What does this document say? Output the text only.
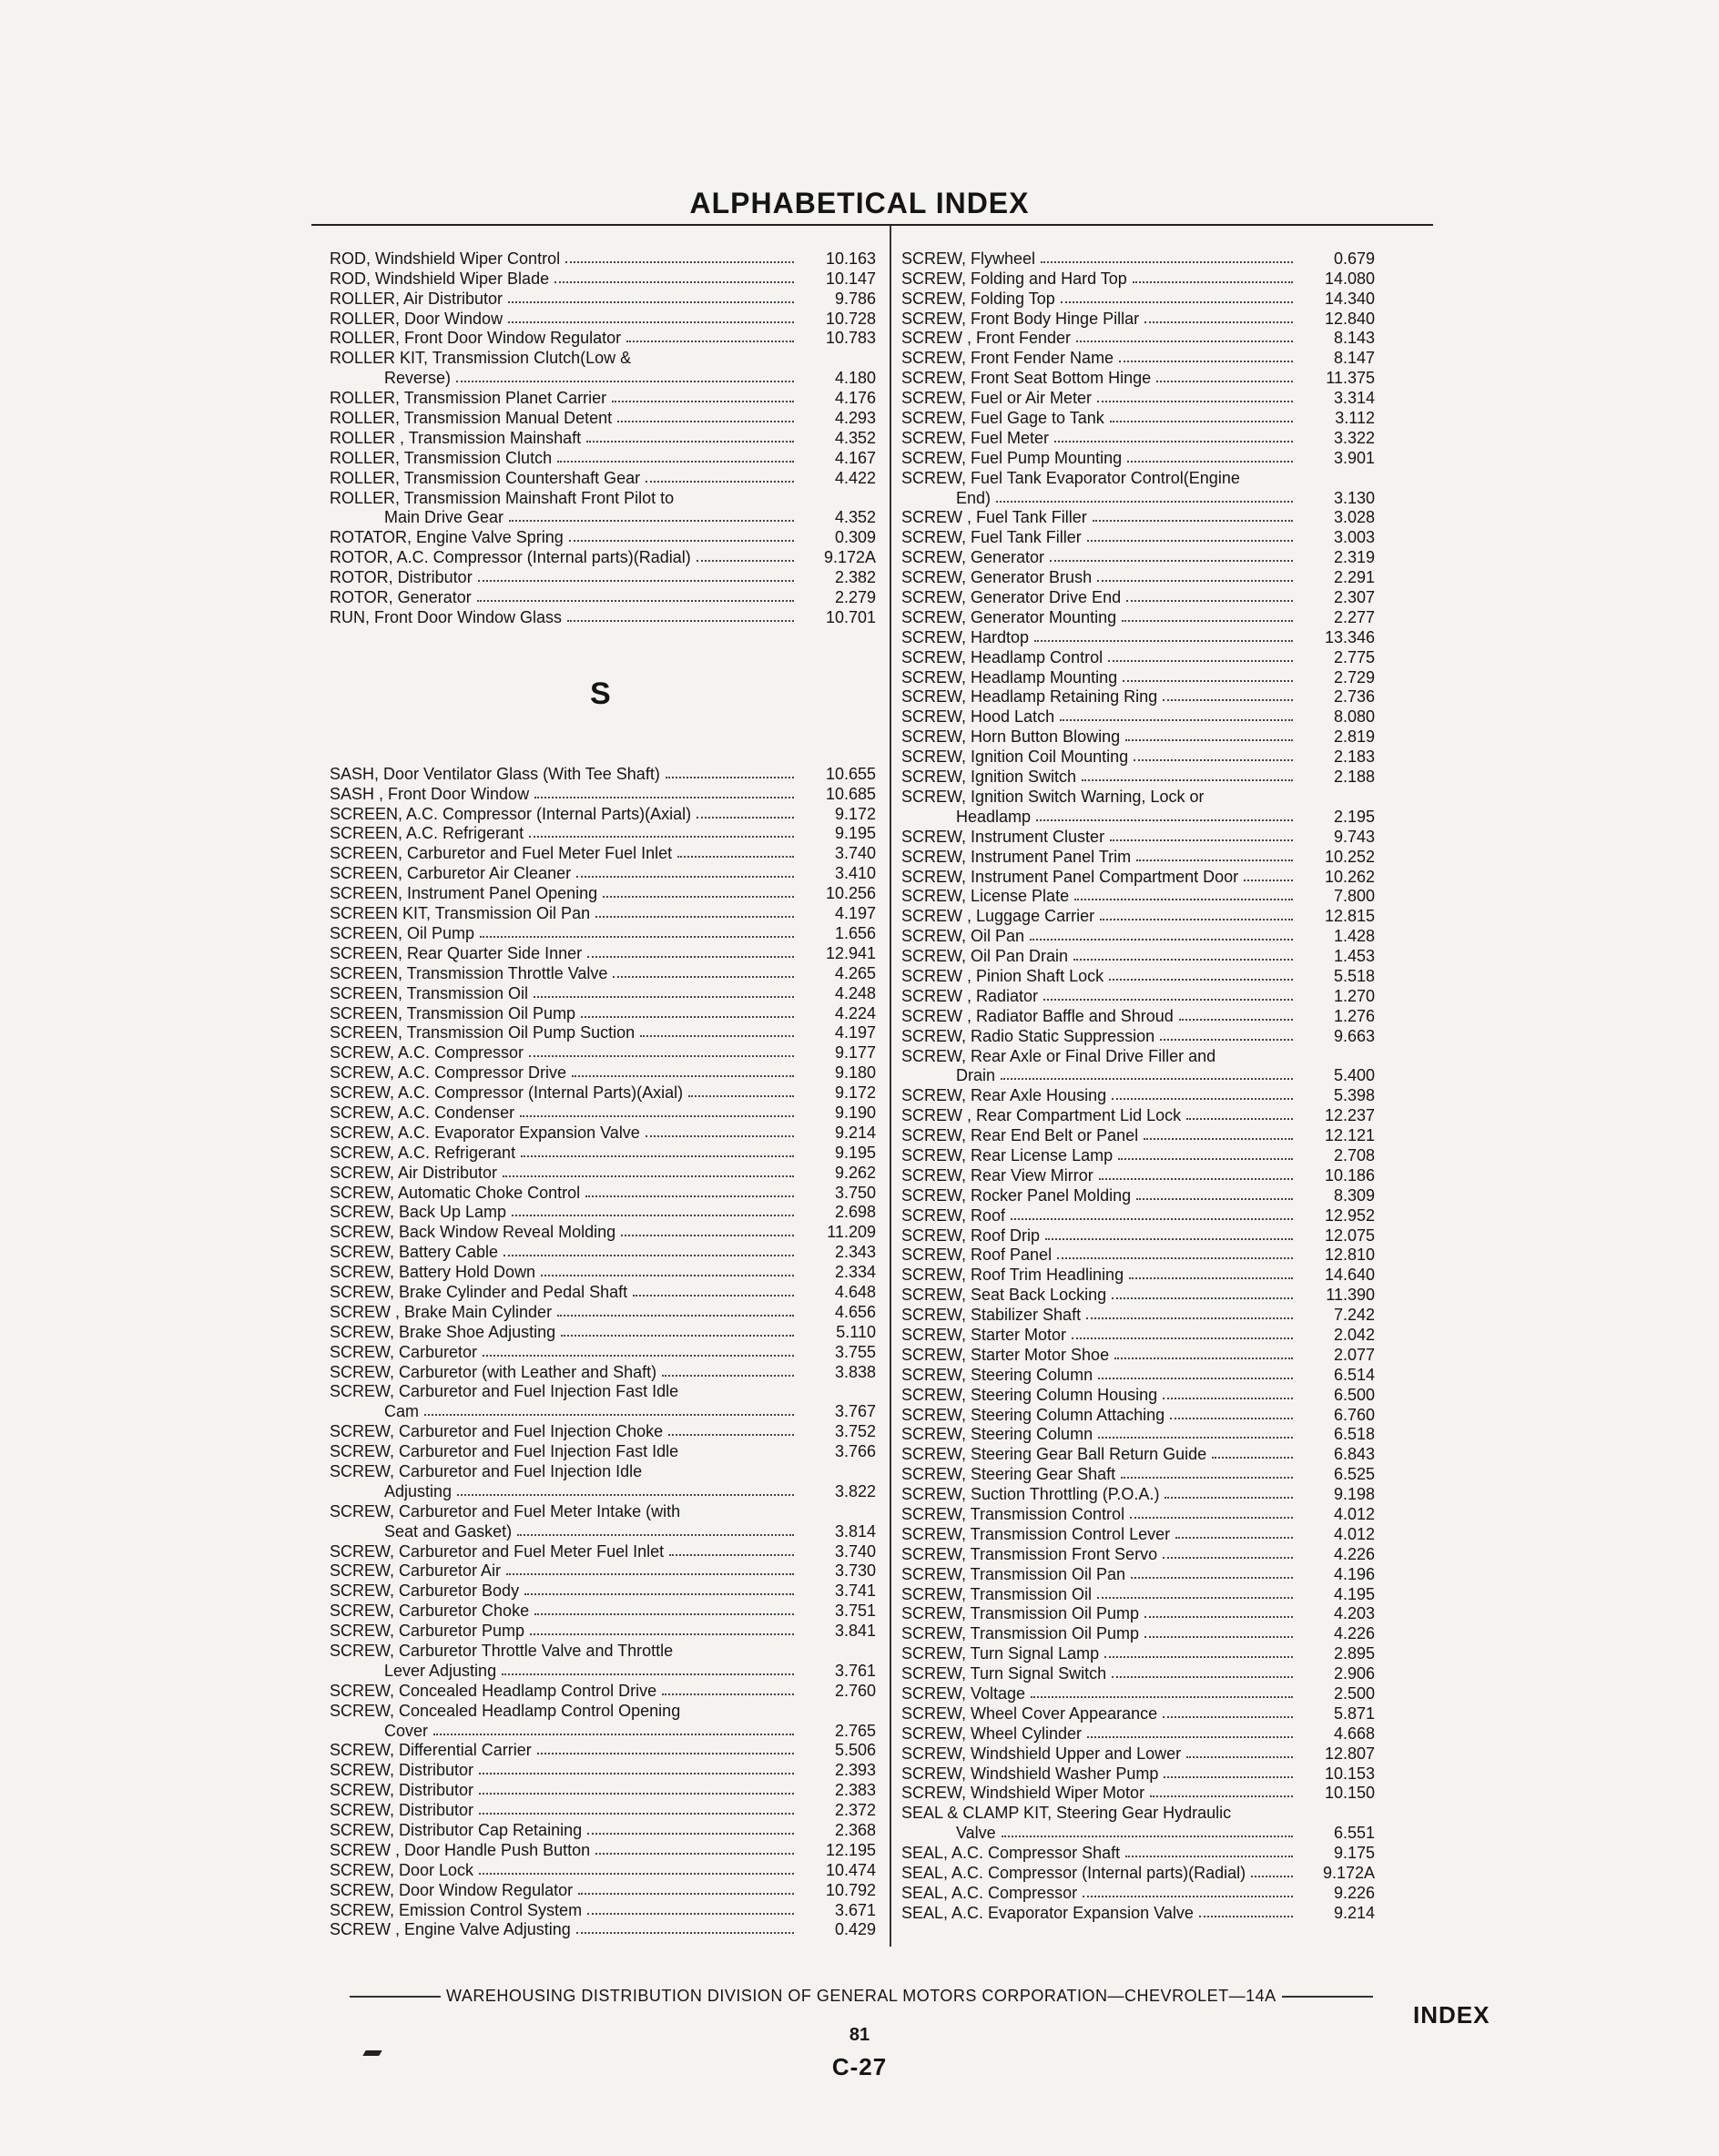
ALPHABETICAL INDEX
ROD, Windshield Wiper Control	10.163
ROD, Windshield Wiper Blade	10.147
ROLLER, Air Distributor	9.786
ROLLER, Door Window	10.728
ROLLER, Front Door Window Regulator	10.783
ROLLER KIT, Transmission Clutch(Low &
Reverse)	4.180
ROLLER, Transmission Planet Carrier	4.176
ROLLER, Transmission Manual Detent	4.293
ROLLER , Transmission Mainshaft	4.352
ROLLER, Transmission Clutch	4.167
ROLLER, Transmission Countershaft Gear	4.422
ROLLER, Transmission Mainshaft Front Pilot to
Main Drive Gear	4.352
ROTATOR, Engine Valve Spring	0.309
ROTOR, A.C. Compressor (Internal parts)(Radial)	9.172A
ROTOR, Distributor	2.382
ROTOR, Generator	2.279
RUN, Front Door Window Glass	10.701
S
SASH, Door Ventilator Glass (With Tee Shaft)	10.655
SASH , Front Door Window	10.685
SCREEN, A.C. Compressor (Internal Parts)(Axial)	9.172
SCREEN, A.C. Refrigerant	9.195
SCREEN, Carburetor and Fuel Meter Fuel Inlet	3.740
SCREEN, Carburetor Air Cleaner	3.410
SCREEN, Instrument Panel Opening	10.256
SCREEN KIT, Transmission Oil Pan	4.197
SCREEN, Oil Pump	1.656
SCREEN, Rear Quarter Side Inner	12.941
SCREEN, Transmission Throttle Valve	4.265
SCREEN, Transmission Oil	4.248
SCREEN, Transmission Oil Pump	4.224
SCREEN, Transmission Oil Pump Suction	4.197
SCREW, A.C. Compressor	9.177
SCREW, A.C. Compressor Drive	9.180
SCREW, A.C. Compressor (Internal Parts)(Axial)	9.172
SCREW, A.C. Condenser	9.190
SCREW, A.C. Evaporator Expansion Valve	9.214
SCREW, A.C. Refrigerant	9.195
SCREW, Air Distributor	9.262
SCREW, Automatic Choke Control	3.750
SCREW, Back Up Lamp	2.698
SCREW, Back Window Reveal Molding	11.209
SCREW, Battery Cable	2.343
SCREW, Battery Hold Down	2.334
SCREW, Brake Cylinder and Pedal Shaft	4.648
SCREW , Brake Main Cylinder	4.656
SCREW, Brake Shoe Adjusting	5.110
SCREW, Carburetor	3.755
SCREW, Carburetor (with Leather and Shaft)	3.838
SCREW, Carburetor and Fuel Injection Fast Idle
Cam	3.767
SCREW, Carburetor and Fuel Injection Choke	3.752
SCREW, Carburetor and Fuel Injection Fast Idle	3.766
SCREW, Carburetor and Fuel Injection Idle
Adjusting	3.822
SCREW, Carburetor and Fuel Meter Intake (with
Seat and Gasket)	3.814
SCREW, Carburetor and Fuel Meter Fuel Inlet	3.740
SCREW, Carburetor Air	3.730
SCREW, Carburetor Body	3.741
SCREW, Carburetor Choke	3.751
SCREW, Carburetor Pump	3.841
SCREW, Carburetor Throttle Valve and Throttle
Lever Adjusting	3.761
SCREW, Concealed Headlamp Control Drive	2.760
SCREW, Concealed Headlamp Control Opening
Cover	2.765
SCREW, Differential Carrier	5.506
SCREW, Distributor	2.393
SCREW, Distributor	2.383
SCREW, Distributor	2.372
SCREW, Distributor Cap Retaining	2.368
SCREW , Door Handle Push Button	12.195
SCREW, Door Lock	10.474
SCREW, Door Window Regulator	10.792
SCREW, Emission Control System	3.671
SCREW , Engine Valve Adjusting	0.429
SCREW, Flywheel	0.679
SCREW, Folding and Hard Top	14.080
SCREW, Folding Top	14.340
SCREW, Front Body Hinge Pillar	12.840
SCREW , Front Fender	8.143
SCREW, Front Fender Name	8.147
SCREW, Front Seat Bottom Hinge	11.375
SCREW, Fuel or Air Meter	3.314
SCREW, Fuel Gage to Tank	3.112
SCREW, Fuel Meter	3.322
SCREW, Fuel Pump Mounting	3.901
SCREW, Fuel Tank Evaporator Control(Engine
End)	3.130
SCREW , Fuel Tank Filler	3.028
SCREW, Fuel Tank Filler	3.003
SCREW, Generator	2.319
SCREW, Generator Brush	2.291
SCREW, Generator Drive End	2.307
SCREW, Generator Mounting	2.277
SCREW, Hardtop	13.346
SCREW, Headlamp Control	2.775
SCREW, Headlamp Mounting	2.729
SCREW, Headlamp Retaining Ring	2.736
SCREW, Hood Latch	8.080
SCREW, Horn Button Blowing	2.819
SCREW, Ignition Coil Mounting	2.183
SCREW, Ignition Switch	2.188
SCREW, Ignition Switch Warning, Lock or
Headlamp	2.195
SCREW, Instrument Cluster	9.743
SCREW, Instrument Panel Trim	10.252
SCREW, Instrument Panel Compartment Door	10.262
SCREW, License Plate	7.800
SCREW , Luggage Carrier	12.815
SCREW, Oil Pan	1.428
SCREW, Oil Pan Drain	1.453
SCREW , Pinion Shaft Lock	5.518
SCREW , Radiator	1.270
SCREW , Radiator Baffle and Shroud	1.276
SCREW, Radio Static Suppression	9.663
SCREW, Rear Axle or Final Drive Filler and
Drain	5.400
SCREW, Rear Axle Housing	5.398
SCREW , Rear Compartment Lid Lock	12.237
SCREW, Rear End Belt or Panel	12.121
SCREW, Rear License Lamp	2.708
SCREW, Rear View Mirror	10.186
SCREW, Rocker Panel Molding	8.309
SCREW, Roof	12.952
SCREW, Roof Drip	12.075
SCREW, Roof Panel	12.810
SCREW, Roof Trim Headlining	14.640
SCREW, Seat Back Locking	11.390
SCREW, Stabilizer Shaft	7.242
SCREW, Starter Motor	2.042
SCREW, Starter Motor Shoe	2.077
SCREW, Steering Column	6.514
SCREW, Steering Column Housing	6.500
SCREW, Steering Column Attaching	6.760
SCREW, Steering Column	6.518
SCREW, Steering Gear Ball Return Guide	6.843
SCREW, Steering Gear Shaft	6.525
SCREW, Suction Throttling (P.O.A.)	9.198
SCREW, Transmission Control	4.012
SCREW, Transmission Control Lever	4.012
SCREW, Transmission Front Servo	4.226
SCREW, Transmission Oil Pan	4.196
SCREW, Transmission Oil	4.195
SCREW, Transmission Oil Pump	4.203
SCREW, Transmission Oil Pump	4.226
SCREW, Turn Signal Lamp	2.895
SCREW, Turn Signal Switch	2.906
SCREW, Voltage	2.500
SCREW, Wheel Cover Appearance	5.871
SCREW, Wheel Cylinder	4.668
SCREW, Windshield Upper and Lower	12.807
SCREW, Windshield Washer Pump	10.153
SCREW, Windshield Wiper Motor	10.150
SEAL & CLAMP KIT, Steering Gear Hydraulic
Valve	6.551
SEAL, A.C. Compressor Shaft	9.175
SEAL, A.C. Compressor (Internal parts)(Radial)	9.172A
SEAL, A.C. Compressor	9.226
SEAL, A.C. Evaporator Expansion Valve	9.214
WAREHOUSING DISTRIBUTION DIVISION OF GENERAL MOTORS CORPORATION—CHEVROLET—14A
INDEX
81
C-27
